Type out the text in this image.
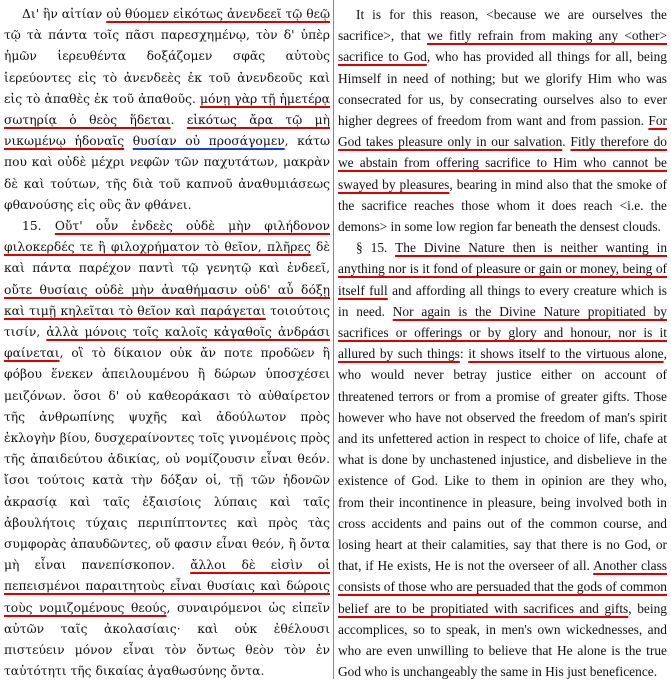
Δι' ἣν αἰτίαν οὐ θύομεν εἰκότως ἀνενδεεῖ τῷ θεῷ τῷ τὰ πάντα τοῖς πᾶσι παρεσχημένῳ, τὸν δ' ὑπὲρ ἡμῶν ἱερευθέντα δοξάζομεν σφᾶς αὐτοὺς ἱερεύοντες εἰς τὸ ἀνενδεὲς ἐκ τοῦ ἀνενδεοῦς καὶ εἰς τὸ ἀπαθὲς ἐκ τοῦ ἀπαθοῦς. μόνῃ γὰρ τῇ ἡμετέρᾳ σωτηρίᾳ ὁ θεὸς ἥδεται. εἰκότως ἄρα τῷ μὴ νικωμένῳ ἡδοναῖς θυσίαν οὐ προσάγομεν, κάτω που καὶ οὐδὲ μέχρι νεφῶν τῶν παχυτάτων, μακρὰν δὲ καὶ τούτων, τῆς διὰ τοῦ καπνοῦ ἀναθυμιάσεως φθανούσης εἰς οὓς ἂν φθάνει.

15. Οὔτ' οὖν ἐνδεὲς οὐδὲ μὴν φιλήδονον φιλοκερδές τε ἢ φιλοχρήματον τὸ θεῖον, πλῆρες δὲ καὶ πάντα παρέχον παντὶ τῷ γενητῷ καὶ ἐνδεεῖ, οὔτε θυσίαις οὐδὲ μὴν ἀναθήμασιν οὐδ' αὖ δόξῃ καὶ τιμῇ κηλεῖται τὸ θεῖον καὶ παράγεται τοιούτοις τισίν, ἀλλὰ μόνοις τοῖς καλοῖς κἀγαθοῖς ἀνδράσι φαίνεται, οἳ τὸ δίκαιον οὐκ ἄν ποτε προδῶεν ἢ φόβου ἕνεκεν ἀπειλουμένου ἢ δώρων ὑποσχέσει μειζόνων. ὅσοι δ' οὐ καθεοράκασι τὸ αὐθαίρετον τῆς ἀνθρωπίνης ψυχῆς καὶ ἀδούλωτον πρὸς ἐκλογὴν βίου, δυσχεραίνοντες τοῖς γινομένοις πρὸς τῆς ἀπαιδεύτου ἀδικίας, οὐ νομίζουσιν εἶναι θεόν. ἴσοι τούτοις κατὰ τὴν δόξαν οἱ, τῇ τῶν ἡδονῶν ἀκρασίᾳ καὶ ταῖς ἐξαισίοις λύπαις καὶ ταῖς ἀβουλήτοις τύχαις περιπίπτοντες καὶ πρὸς τὰς συμφορὰς ἀπαυδῶντες, οὔ φασιν εἶναι θεόν, ἢ ὄντα μὴ εἶναι πανεπίσκοπον. ἄλλοι δὲ εἰσὶν οἱ πεπεισμένοι παραιτητοὺς εἶναι θυσίαις καὶ δώροις τοὺς νομιζομένους θεούς, συναιρόμενοι ὡς εἰπεῖν αὐτῶν ταῖς ἀκολασίαις· καὶ οὐκ ἐθέλουσι πιστεύειν μόνον εἶναι τὸν ὄντως θεὸν τὸν ἐν ταὐτότητι τῆς δικαίας ἀγαθωσύνης ὄντα.

It is for this reason, <because we are ourselves the sacrifice>, that we fitly refrain from making any <other> sacrifice to God, who has provided all things for all, being Himself in need of nothing; but we glorify Him who was consecrated for us, by consecrating ourselves also to ever higher degrees of freedom from want and from passion. For God takes pleasure only in our salvation. Fitly therefore do we abstain from offering sacrifice to Him who cannot be swayed by pleasures, bearing in mind also that the smoke of the sacrifice reaches those whom it does reach <i.e. the demons> in some low region far beneath the densest clouds.

§ 15. The Divine Nature then is neither wanting in anything nor is it fond of pleasure or gain or money, being of itself full and affording all things to every creature which is in need. Nor again is the Divine Nature propitiated by sacrifices or offerings or by glory and honour, nor is it allured by such things: it shows itself to the virtuous alone, who would never betray justice either on account of threatened terrors or from a promise of greater gifts. Those however who have not observed the freedom of man's spirit and its unfettered action in respect to choice of life, chafe at what is done by unchastened injustice, and disbelieve in the existence of God. Like to them in opinion are they who, from their incontinence in pleasure, being involved both in cross accidents and pains out of the common course, and losing heart at their calamities, say that there is no God, or that, if He exists, He is not the overseer of all. Another class consists of those who are persuaded that the gods of common belief are to be propitiated with sacrifices and gifts, being accomplices, so to speak, in men's own wickednesses, and who are even unwilling to believe that He alone is the true God who is unchangeably the same in His just beneficence.
